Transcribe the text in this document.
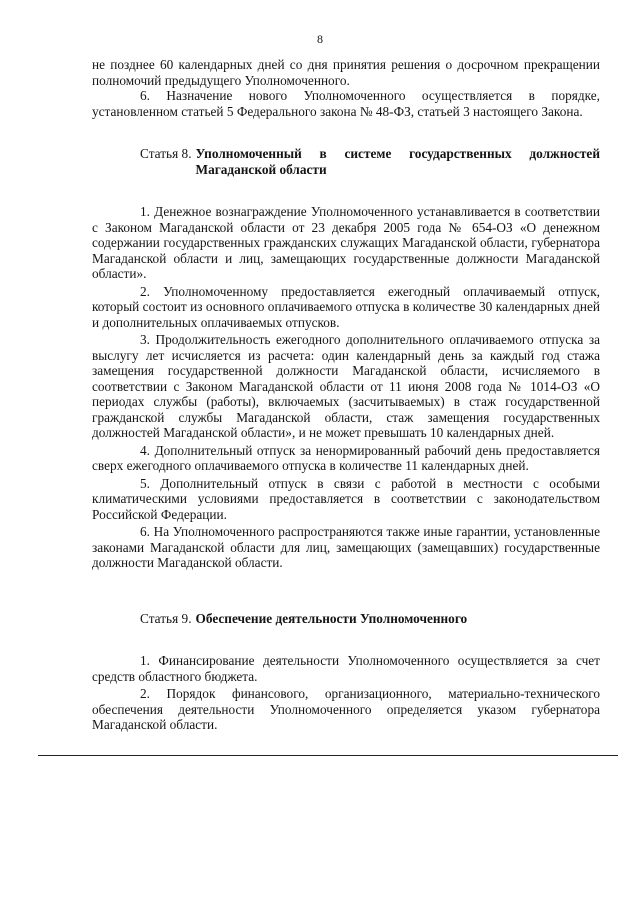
8

не позднее 60 календарных дней со дня принятия решения о досрочном прекращении полномочий предыдущего Уполномоченного.

6. Назначение нового Уполномоченного осуществляется в порядке, установленном статьей 5 Федерального закона № 48-ФЗ, статьей 3 настоящего Закона.

Статья 8. Уполномоченный в системе государственных должностей Магаданской области

1. Денежное вознаграждение Уполномоченного устанавливается в соответствии с Законом Магаданской области от 23 декабря 2005 года № 654-ОЗ «О денежном содержании государственных гражданских служащих Магаданской области, губернатора Магаданской области и лиц, замещающих государственные должности Магаданской области».

2. Уполномоченному предоставляется ежегодный оплачиваемый отпуск, который состоит из основного оплачиваемого отпуска в количестве 30 календарных дней и дополнительных оплачиваемых отпусков.

3. Продолжительность ежегодного дополнительного оплачиваемого отпуска за выслугу лет исчисляется из расчета: один календарный день за каждый год стажа замещения государственной должности Магаданской области, исчисляемого в соответствии с Законом Магаданской области от 11 июня 2008 года № 1014-ОЗ «О периодах службы (работы), включаемых (засчитываемых) в стаж государственной гражданской службы Магаданской области, стаж замещения государственных должностей Магаданской области», и не может превышать 10 календарных дней.

4. Дополнительный отпуск за ненормированный рабочий день предоставляется сверх ежегодного оплачиваемого отпуска в количестве 11 календарных дней.

5. Дополнительный отпуск в связи с работой в местности с особыми климатическими условиями предоставляется в соответствии с законодательством Российской Федерации.

6. На Уполномоченного распространяются также иные гарантии, установленные законами Магаданской области для лиц, замещающих (замещавших) государственные должности Магаданской области.

Статья 9. Обеспечение деятельности Уполномоченного

1. Финансирование деятельности Уполномоченного осуществляется за счет средств областного бюджета.

2. Порядок финансового, организационного, материально-технического обеспечения деятельности Уполномоченного определяется указом губернатора Магаданской области.
